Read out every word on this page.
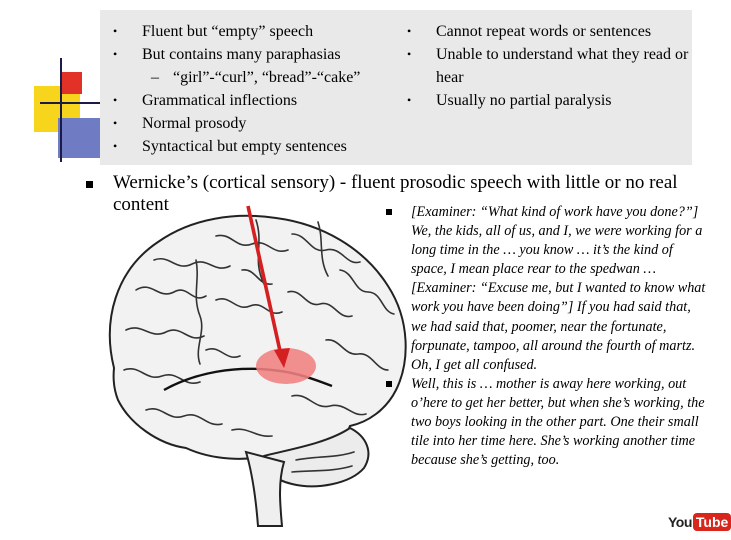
• Fluent but “empty” speech
• But contains many paraphasias
– “girl”-“curl”, “bread”-“cake”
• Grammatical inflections
• Normal prosody
• Syntactical but empty sentences
• Cannot repeat words or sentences
• Unable to understand what they read or hear
• Usually no partial paralysis
Wernicke’s (cortical sensory) - fluent prosodic speech with little or no real content	[Examiner: “What kind of work have you done?”] We, the kids, all of us, and I, we were working for a long time in the … you know … it’s the kind of space, I mean place rear to the spedwan … [Examiner: “Excuse me, but I wanted to know what work you have been doing”] If you had said that, we had said that, poomer, near the fortunate, forpunate, tampoo, all around the fourth of martz. Oh, I get all confused.
Well, this is … mother is away here working, out o’here to get her better, but when she’s working, the two boys looking in the other part. One their small tile into her time here. She’s working another time because she’s getting, too.
You Tube
